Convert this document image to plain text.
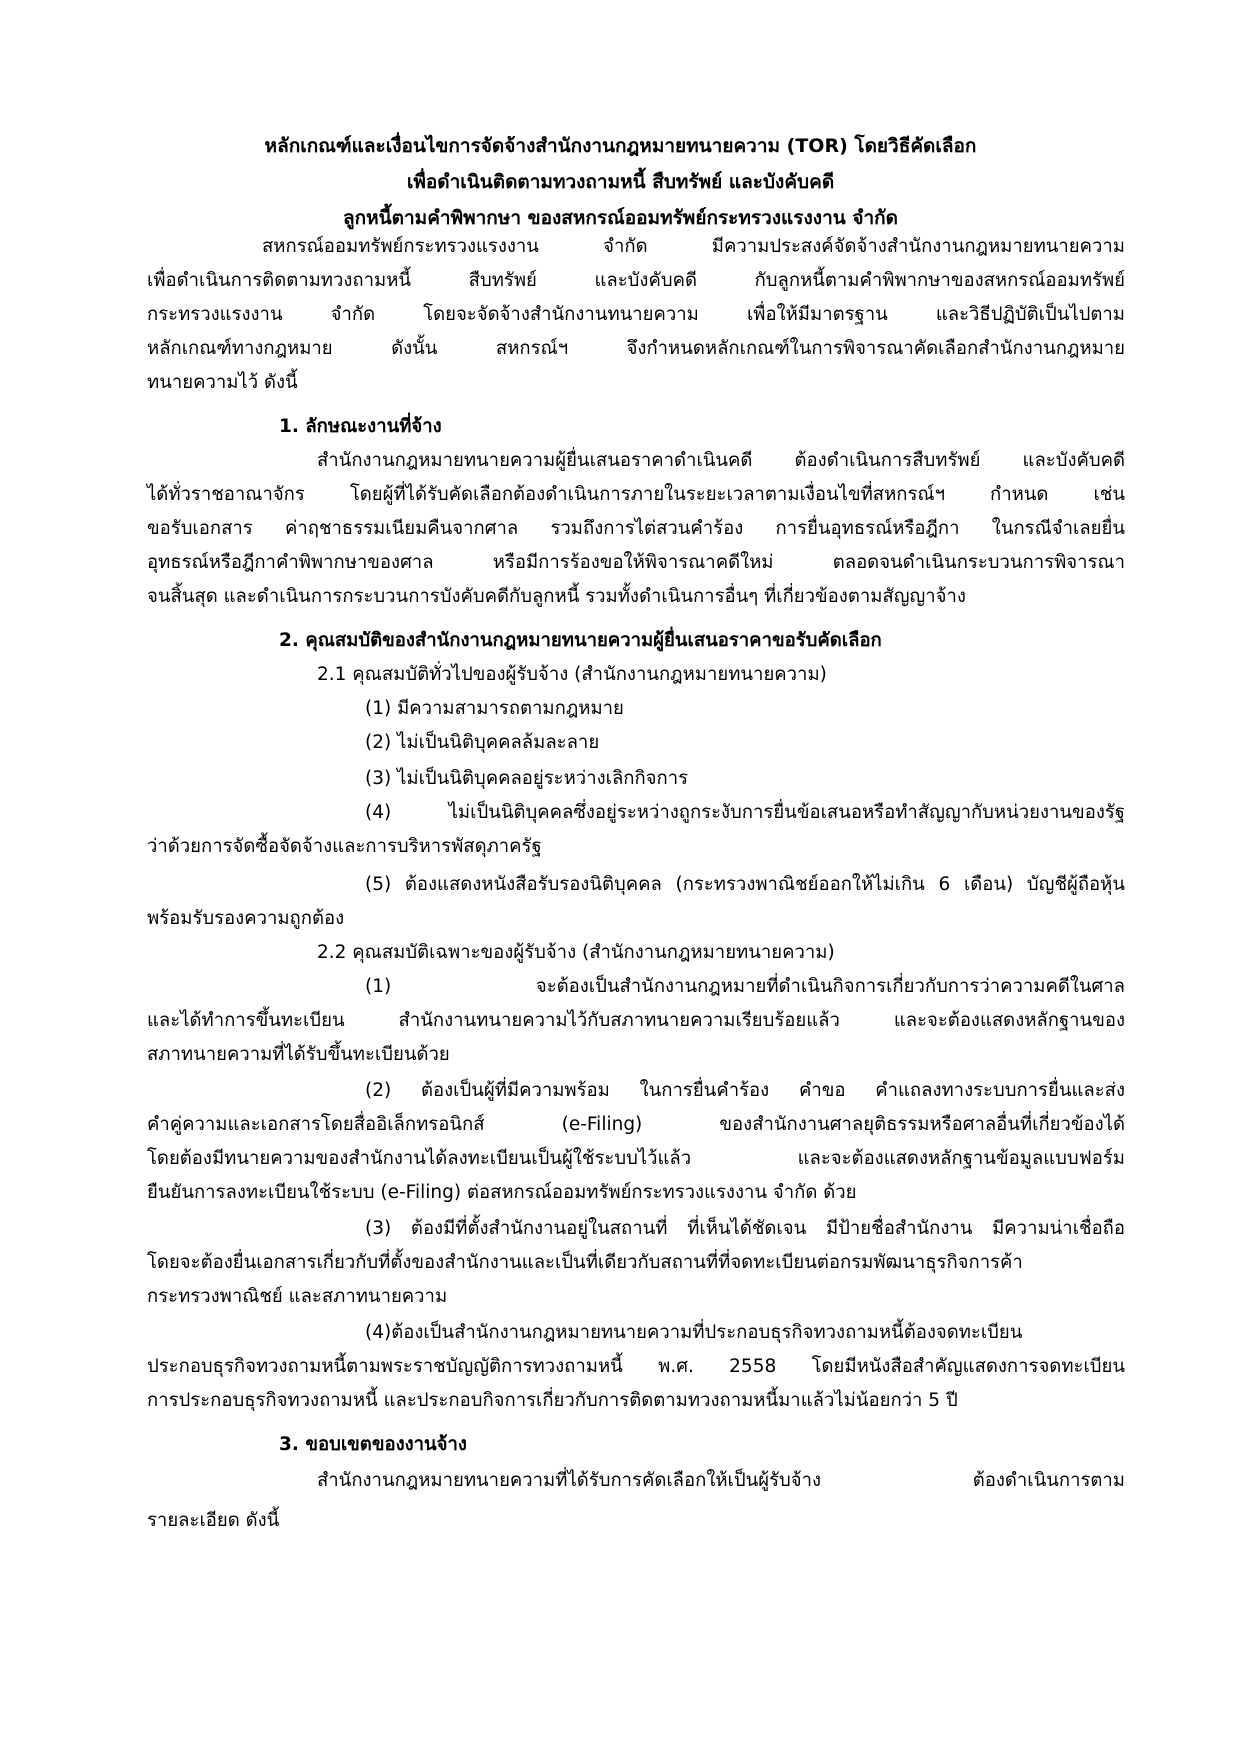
หลักเกณฑ์และเงื่อนไขการจัดจ้างสำนักงานกฎหมายทนายความ (TOR) โดยวิธีคัดเลือก
เพื่อดำเนินติดตามทวงถามหนี้ สืบทรัพย์ และบังคับคดี
ลูกหนี้ตามคำพิพากษา ของสหกรณ์ออมทรัพย์กระทรวงแรงงาน จำกัด
สหกรณ์ออมทรัพย์กระทรวงแรงงาน จำกัด มีความประสงค์จัดจ้างสำนักงานกฎหมายทนายความ
เพื่อดำเนินการติดตามทวงถามหนี้ สืบทรัพย์ และบังคับคดี กับลูกหนี้ตามคำพิพากษาของสหกรณ์ออมทรัพย์
กระทรวงแรงงาน จำกัด โดยจะจัดจ้างสำนักงานทนายความ เพื่อให้มีมาตรฐาน และวิธีปฏิบัติเป็นไปตาม
หลักเกณฑ์ทางกฎหมาย ดังนั้น สหกรณ์ฯ จึงกำหนดหลักเกณฑ์ในการพิจารณาคัดเลือกสำนักงานกฎหมาย
ทนายความไว้ ดังนี้
1. ลักษณะงานที่จ้าง
สำนักงานกฎหมายทนายความผู้ยื่นเสนอราคาดำเนินคดี ต้องดำเนินการสืบทรัพย์ และบังคับคดี
ได้ทั่วราชอาณาจักร โดยผู้ที่ได้รับคัดเลือกต้องดำเนินการภายในระยะเวลาตามเงื่อนไขที่สหกรณ์ฯ กำหนด เช่น
ขอรับเอกสาร ค่าฤชาธรรมเนียมคืนจากศาล รวมถึงการไต่สวนคำร้อง การยื่นอุทธรณ์หรือฎีกา ในกรณีจำเลยยื่น
อุทธรณ์หรือฎีกาคำพิพากษาของศาล หรือมีการร้องขอให้พิจารณาคดีใหม่ ตลอดจนดำเนินกระบวนการพิจารณา
จนสิ้นสุด และดำเนินการกระบวนการบังคับคดีกับลูกหนี้ รวมทั้งดำเนินการอื่นๆ ที่เกี่ยวข้องตามสัญญาจ้าง
2. คุณสมบัติของสำนักงานกฎหมายทนายความผู้ยื่นเสนอราคาขอรับคัดเลือก
2.1 คุณสมบัติทั่วไปของผู้รับจ้าง (สำนักงานกฎหมายทนายความ)
(1) มีความสามารถตามกฎหมาย
(2) ไม่เป็นนิติบุคคลล้มละลาย
(3) ไม่เป็นนิติบุคคลอยู่ระหว่างเลิกกิจการ
(4) ไม่เป็นนิติบุคคลซึ่งอยู่ระหว่างถูกระงับการยื่นข้อเสนอหรือทำสัญญากับหน่วยงานของรัฐ
ว่าด้วยการจัดซื้อจัดจ้างและการบริหารพัสดุภาครัฐ
(5) ต้องแสดงหนังสือรับรองนิติบุคคล (กระทรวงพาณิชย์ออกให้ไม่เกิน 6 เดือน) บัญชีผู้ถือหุ้น
พร้อมรับรองความถูกต้อง
2.2 คุณสมบัติเฉพาะของผู้รับจ้าง (สำนักงานกฎหมายทนายความ)
(1) จะต้องเป็นสำนักงานกฎหมายที่ดำเนินกิจการเกี่ยวกับการว่าความคดีในศาล
และได้ทำการขึ้นทะเบียน สำนักงานทนายความไว้กับสภาทนายความเรียบร้อยแล้ว และจะต้องแสดงหลักฐานของ
สภาทนายความที่ได้รับขึ้นทะเบียนด้วย
(2) ต้องเป็นผู้ที่มีความพร้อม ในการยื่นคำร้อง คำขอ คำแถลงทางระบบการยื่นและส่ง
คำคู่ความและเอกสารโดยสื่ออิเล็กทรอนิกส์ (e-Filing) ของสำนักงานศาลยุติธรรมหรือศาลอื่นที่เกี่ยวข้องได้
โดยต้องมีทนายความของสำนักงานได้ลงทะเบียนเป็นผู้ใช้ระบบไว้แล้ว และจะต้องแสดงหลักฐานข้อมูลแบบฟอร์ม
ยืนยันการลงทะเบียนใช้ระบบ (e-Filing) ต่อสหกรณ์ออมทรัพย์กระทรวงแรงงาน จำกัด ด้วย
(3) ต้องมีที่ตั้งสำนักงานอยู่ในสถานที่ ที่เห็นได้ชัดเจน มีป้ายชื่อสำนักงาน มีความน่าเชื่อถือ
โดยจะต้องยื่นเอกสารเกี่ยวกับที่ตั้งของสำนักงานและเป็นที่เดียวกับสถานที่ที่จดทะเบียนต่อกรมพัฒนาธุรกิจการค้า
กระทรวงพาณิชย์ และสภาทนายความ
(4)ต้องเป็นสำนักงานกฎหมายทนายความที่ประกอบธุรกิจทวงถามหนี้ต้องจดทะเบียน
ประกอบธุรกิจทวงถามหนี้ตามพระราชบัญญัติการทวงถามหนี้ พ.ศ. 2558 โดยมีหนังสือสำคัญแสดงการจดทะเบียน
การประกอบธุรกิจทวงถามหนี้ และประกอบกิจการเกี่ยวกับการติดตามทวงถามหนี้มาแล้วไม่น้อยกว่า 5 ปี
3. ขอบเขตของงานจ้าง
สำนักงานกฎหมายทนายความที่ได้รับการคัดเลือกให้เป็นผู้รับจ้าง ต้องดำเนินการตาม
รายละเอียด ดังนี้
